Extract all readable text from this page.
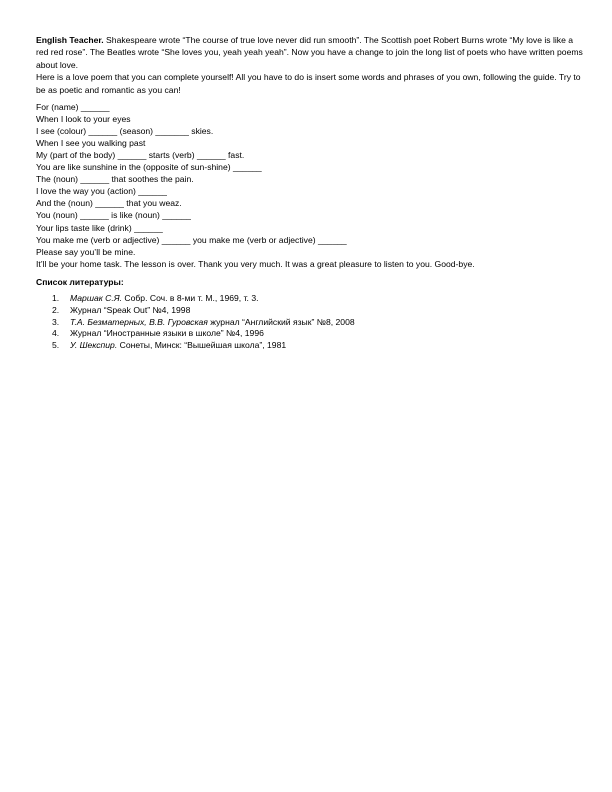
English Teacher. Shakespeare wrote “The course of true love never did run smooth”. The Scottish poet Robert Burns wrote “My love is like a red red rose”. The Beatles wrote “She loves you, yeah yeah yeah”. Now you have a change to join the long list of poets who have written poems about love.

Here is a love poem that you can complete yourself! All you have to do is insert some words and phrases of you own, following the guide. Try to be as poetic and romantic as you can!

For (name) ______
When I look to your eyes
I see (colour) ______ (season) _______ skies.
When I see you walking past
My (part of the body) ______ starts (verb) ______ fast.
You are like sunshine in the (opposite of sun-shine) ______
The (noun) ______ that soothes the pain.
I love the way you (action) ______
And the (noun) ______ that you weaz.
You (noun) ______ is like (noun) ______
Your lips taste like (drink) ______
You make me (verb or adjective) ______ you make me (verb or adjective) ______
Please say you’ll be mine.

It’ll be your home task. The lesson is over. Thank you very much. It was a great pleasure to listen to you. Good-bye.

Список литературы:
1. Маршак С.Я. Собр. Соч. в 8-ми т. М., 1969, т. 3.
2. Журнал “Speak Out” №4, 1998
3. Т.А. Безматерных, В.В. Гуровская журнал “Английский язык” №8, 2008
4. Журнал “Иностранные языки в школе” №4, 1996
5. У. Шекспир. Сонеты, Минск: “Вышейшая школа”, 1981
